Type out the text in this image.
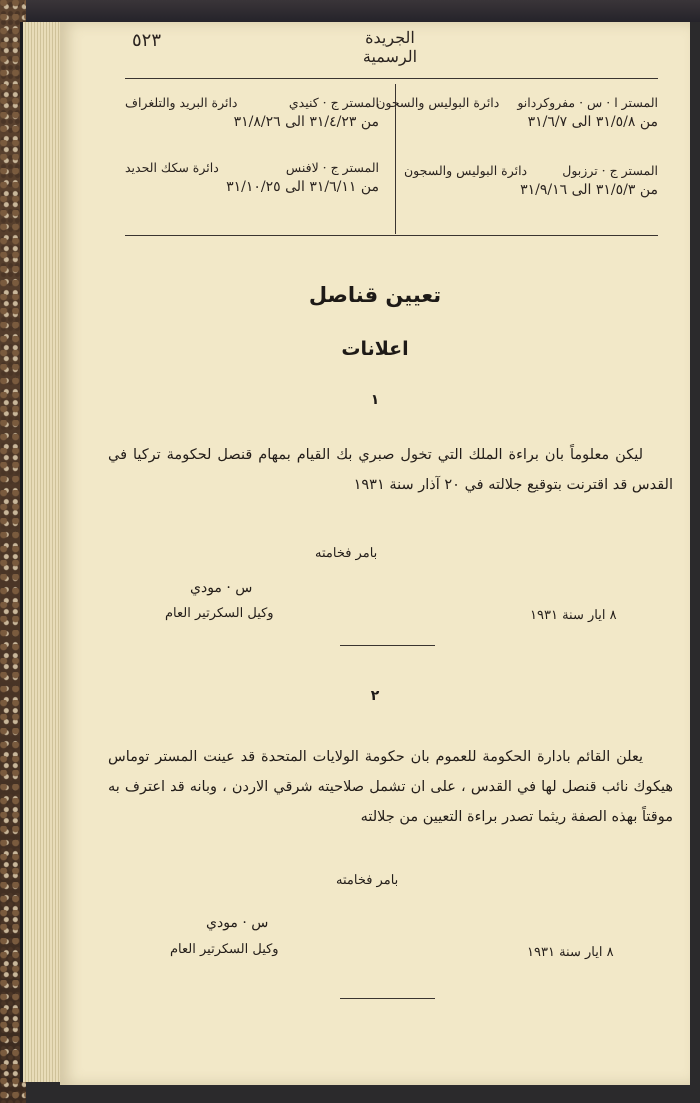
٥٢٣	الجريدة الرسمية
المستر ا · س · مفروكردانو
دائرة البوليس والسجون
من ٣١/٥/٨ الى ٣١/٦/٧
المستر ج · كنيدي
دائرة البريد والتلغراف
من ٣١/٤/٢٣ الى ٣١/٨/٢٦
المستر ج · ترزبول
دائرة البوليس والسجون
من ٣١/٥/٣ الى ٣١/٩/١٦
المستر ج · لافنس
دائرة سكك الحديد
من ٣١/٦/١١ الى ٣١/١٠/٢٥
تعيين قناصل
اعلانات
١
ليكن معلوماً بان براءة الملك التي تخول صبري بك القيام بمهام قنصل لحكومة تركيا في القدس قد اقترنت بتوقيع جلالته في ٢٠ آذار سنة ١٩٣١
بامر فخامته
س · مودي
وكيل السكرتير العام	٨ ايار سنة ١٩٣١
٢
يعلن القائم بادارة الحكومة للعموم بان حكومة الولايات المتحدة قد عينت المستر توماس هيكوك نائب قنصل لها في القدس ، على ان تشمل صلاحيته شرقي الاردن ، وبانه قد اعترف به موقتاً بهذه الصفة ريثما تصدر براءة التعيين من جلالته
بامر فخامته
س · مودي
وكيل السكرتير العام	٨ ايار سنة ١٩٣١
